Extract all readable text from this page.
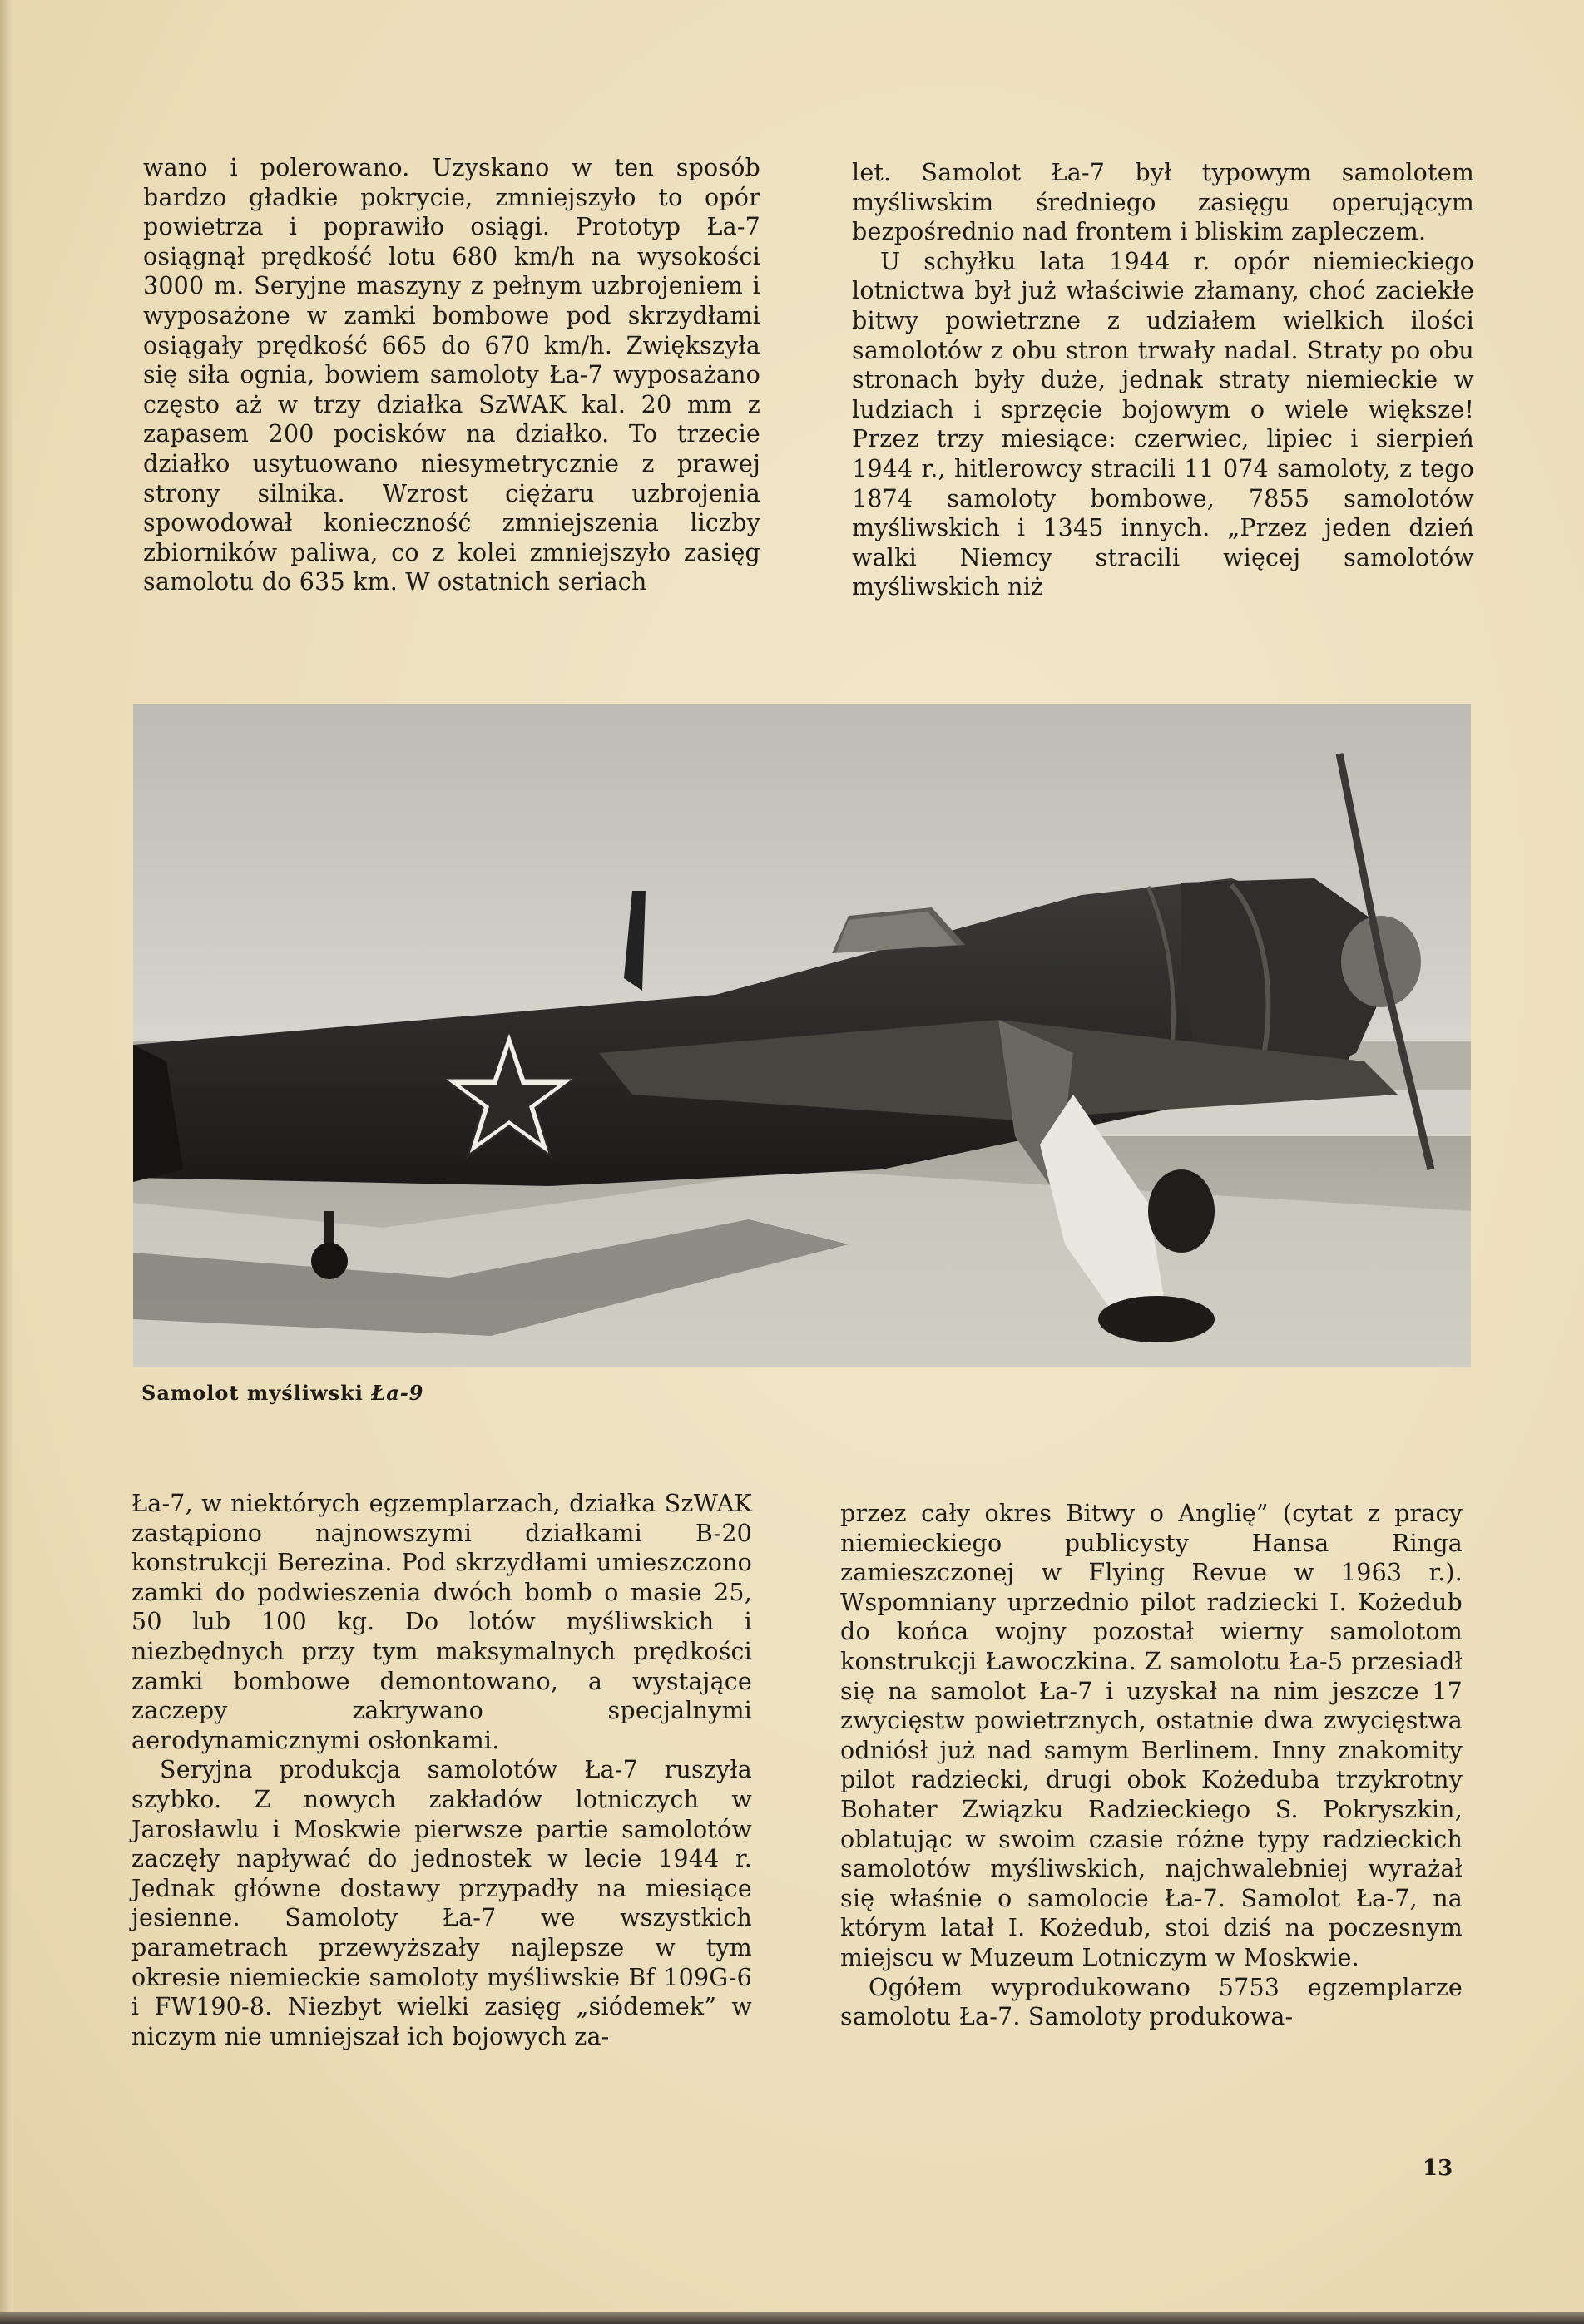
wano i polerowano. Uzyskano w ten sposób bardzo gładkie pokrycie, zmniejszyło to opór powietrza i poprawiło osiągi. Prototyp Ła-7 osiągnął prędkość lotu 680 km/h na wysokości 3000 m. Seryjne maszyny z pełnym uzbrojeniem i wyposażone w zamki bombowe pod skrzydłami osiągały prędkość 665 do 670 km/h. Zwiększyła się siła ognia, bowiem samoloty Ła-7 wyposażano często aż w trzy działka SzWAK kal. 20 mm z zapasem 200 pocisków na działko. To trzecie działko usytuowano niesymetrycznie z prawej strony silnika. Wzrost ciężaru uzbrojenia spowodował konieczność zmniejszenia liczby zbiorników paliwa, co z kolei zmniejszyło zasięg samolotu do 635 km. W ostatnich seriach

let. Samolot Ła-7 był typowym samolotem myśliwskim średniego zasięgu operującym bezpośrednio nad frontem i bliskim zapleczem.

U schyłku lata 1944 r. opór niemieckiego lotnictwa był już właściwie złamany, choć zaciekłe bitwy powietrzne z udziałem wielkich ilości samolotów z obu stron trwały nadal. Straty po obu stronach były duże, jednak straty niemieckie w ludziach i sprzęcie bojowym o wiele większe! Przez trzy miesiące: czerwiec, lipiec i sierpień 1944 r., hitlerowcy stracili 11 074 samoloty, z tego 1874 samoloty bombowe, 7855 samolotów myśliwskich i 1345 innych. „Przez jeden dzień walki Niemcy stracili więcej samolotów myśliwskich niż

Samolot myśliwski Ła-9

Ła-7, w niektórych egzemplarzach, działka SzWAK zastąpiono najnowszymi działkami B-20 konstrukcji Berezina. Pod skrzydłami umieszczono zamki do podwieszenia dwóch bomb o masie 25, 50 lub 100 kg. Do lotów myśliwskich i niezbędnych przy tym maksymalnych prędkości zamki bombowe demontowano, a wystające zaczepy zakrywano specjalnymi aerodynamicznymi osłonkami.

Seryjna produkcja samolotów Ła-7 ruszyła szybko. Z nowych zakładów lotniczych w Jarosławlu i Moskwie pierwsze partie samolotów zaczęły napływać do jednostek w lecie 1944 r. Jednak główne dostawy przypadły na miesiące jesienne. Samoloty Ła-7 we wszystkich parametrach przewyższały najlepsze w tym okresie niemieckie samoloty myśliwskie Bf 109G-6 i FW190-8. Niezbyt wielki zasięg „siódemek” w niczym nie umniejszał ich bojowych za-

przez cały okres Bitwy o Anglię” (cytat z pracy niemieckiego publicysty Hansa Ringa zamieszczonej w Flying Revue w 1963 r.). Wspomniany uprzednio pilot radziecki I. Kożedub do końca wojny pozostał wierny samolotom konstrukcji Ławoczkina. Z samolotu Ła-5 przesiadł się na samolot Ła-7 i uzyskał na nim jeszcze 17 zwycięstw powietrznych, ostatnie dwa zwycięstwa odniósł już nad samym Berlinem. Inny znakomity pilot radziecki, drugi obok Kożeduba trzykrotny Bohater Związku Radzieckiego S. Pokryszkin, oblatując w swoim czasie różne typy radzieckich samolotów myśliwskich, najchwalebniej wyrażał się właśnie o samolocie Ła-7. Samolot Ła-7, na którym latał I. Kożedub, stoi dziś na poczesnym miejscu w Muzeum Lotniczym w Moskwie.

Ogółem wyprodukowano 5753 egzemplarze samolotu Ła-7. Samoloty produkowa-

13
